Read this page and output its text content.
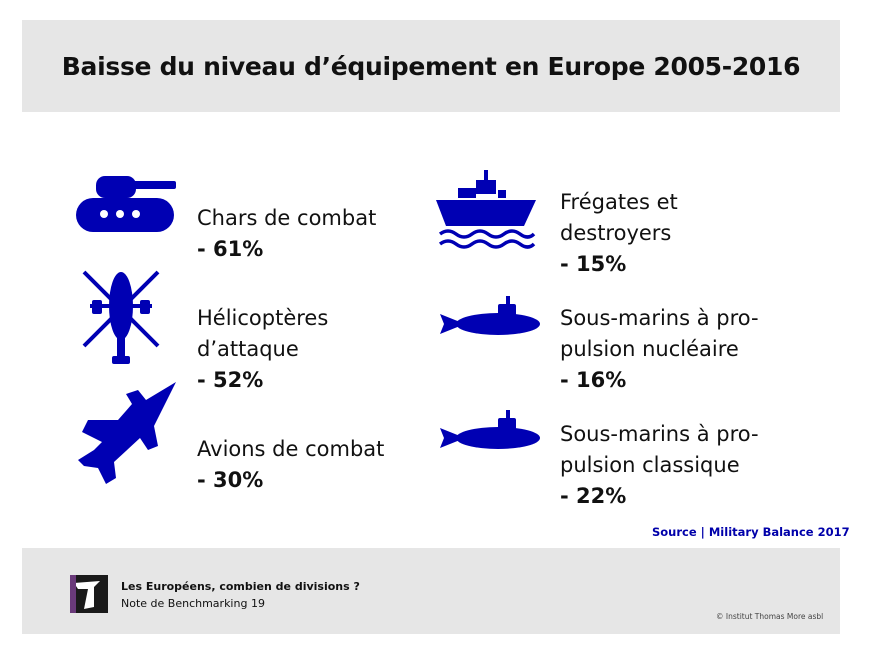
Baisse du niveau d’équipement en Europe 2005-2016

Chars de combat

- 61%

Hélicoptères
d’attaque

- 52%

Avions de combat

- 30%

Frégates et
destroyers

- 15%

Sous-marins à pro-
pulsion nucléaire

- 16%

Sous-marins à pro-
pulsion classique

- 22%

Source | Military Balance 2017
Les Européens, combien de divisions ?
Note de Benchmarking 19
© Institut Thomas More asbl
